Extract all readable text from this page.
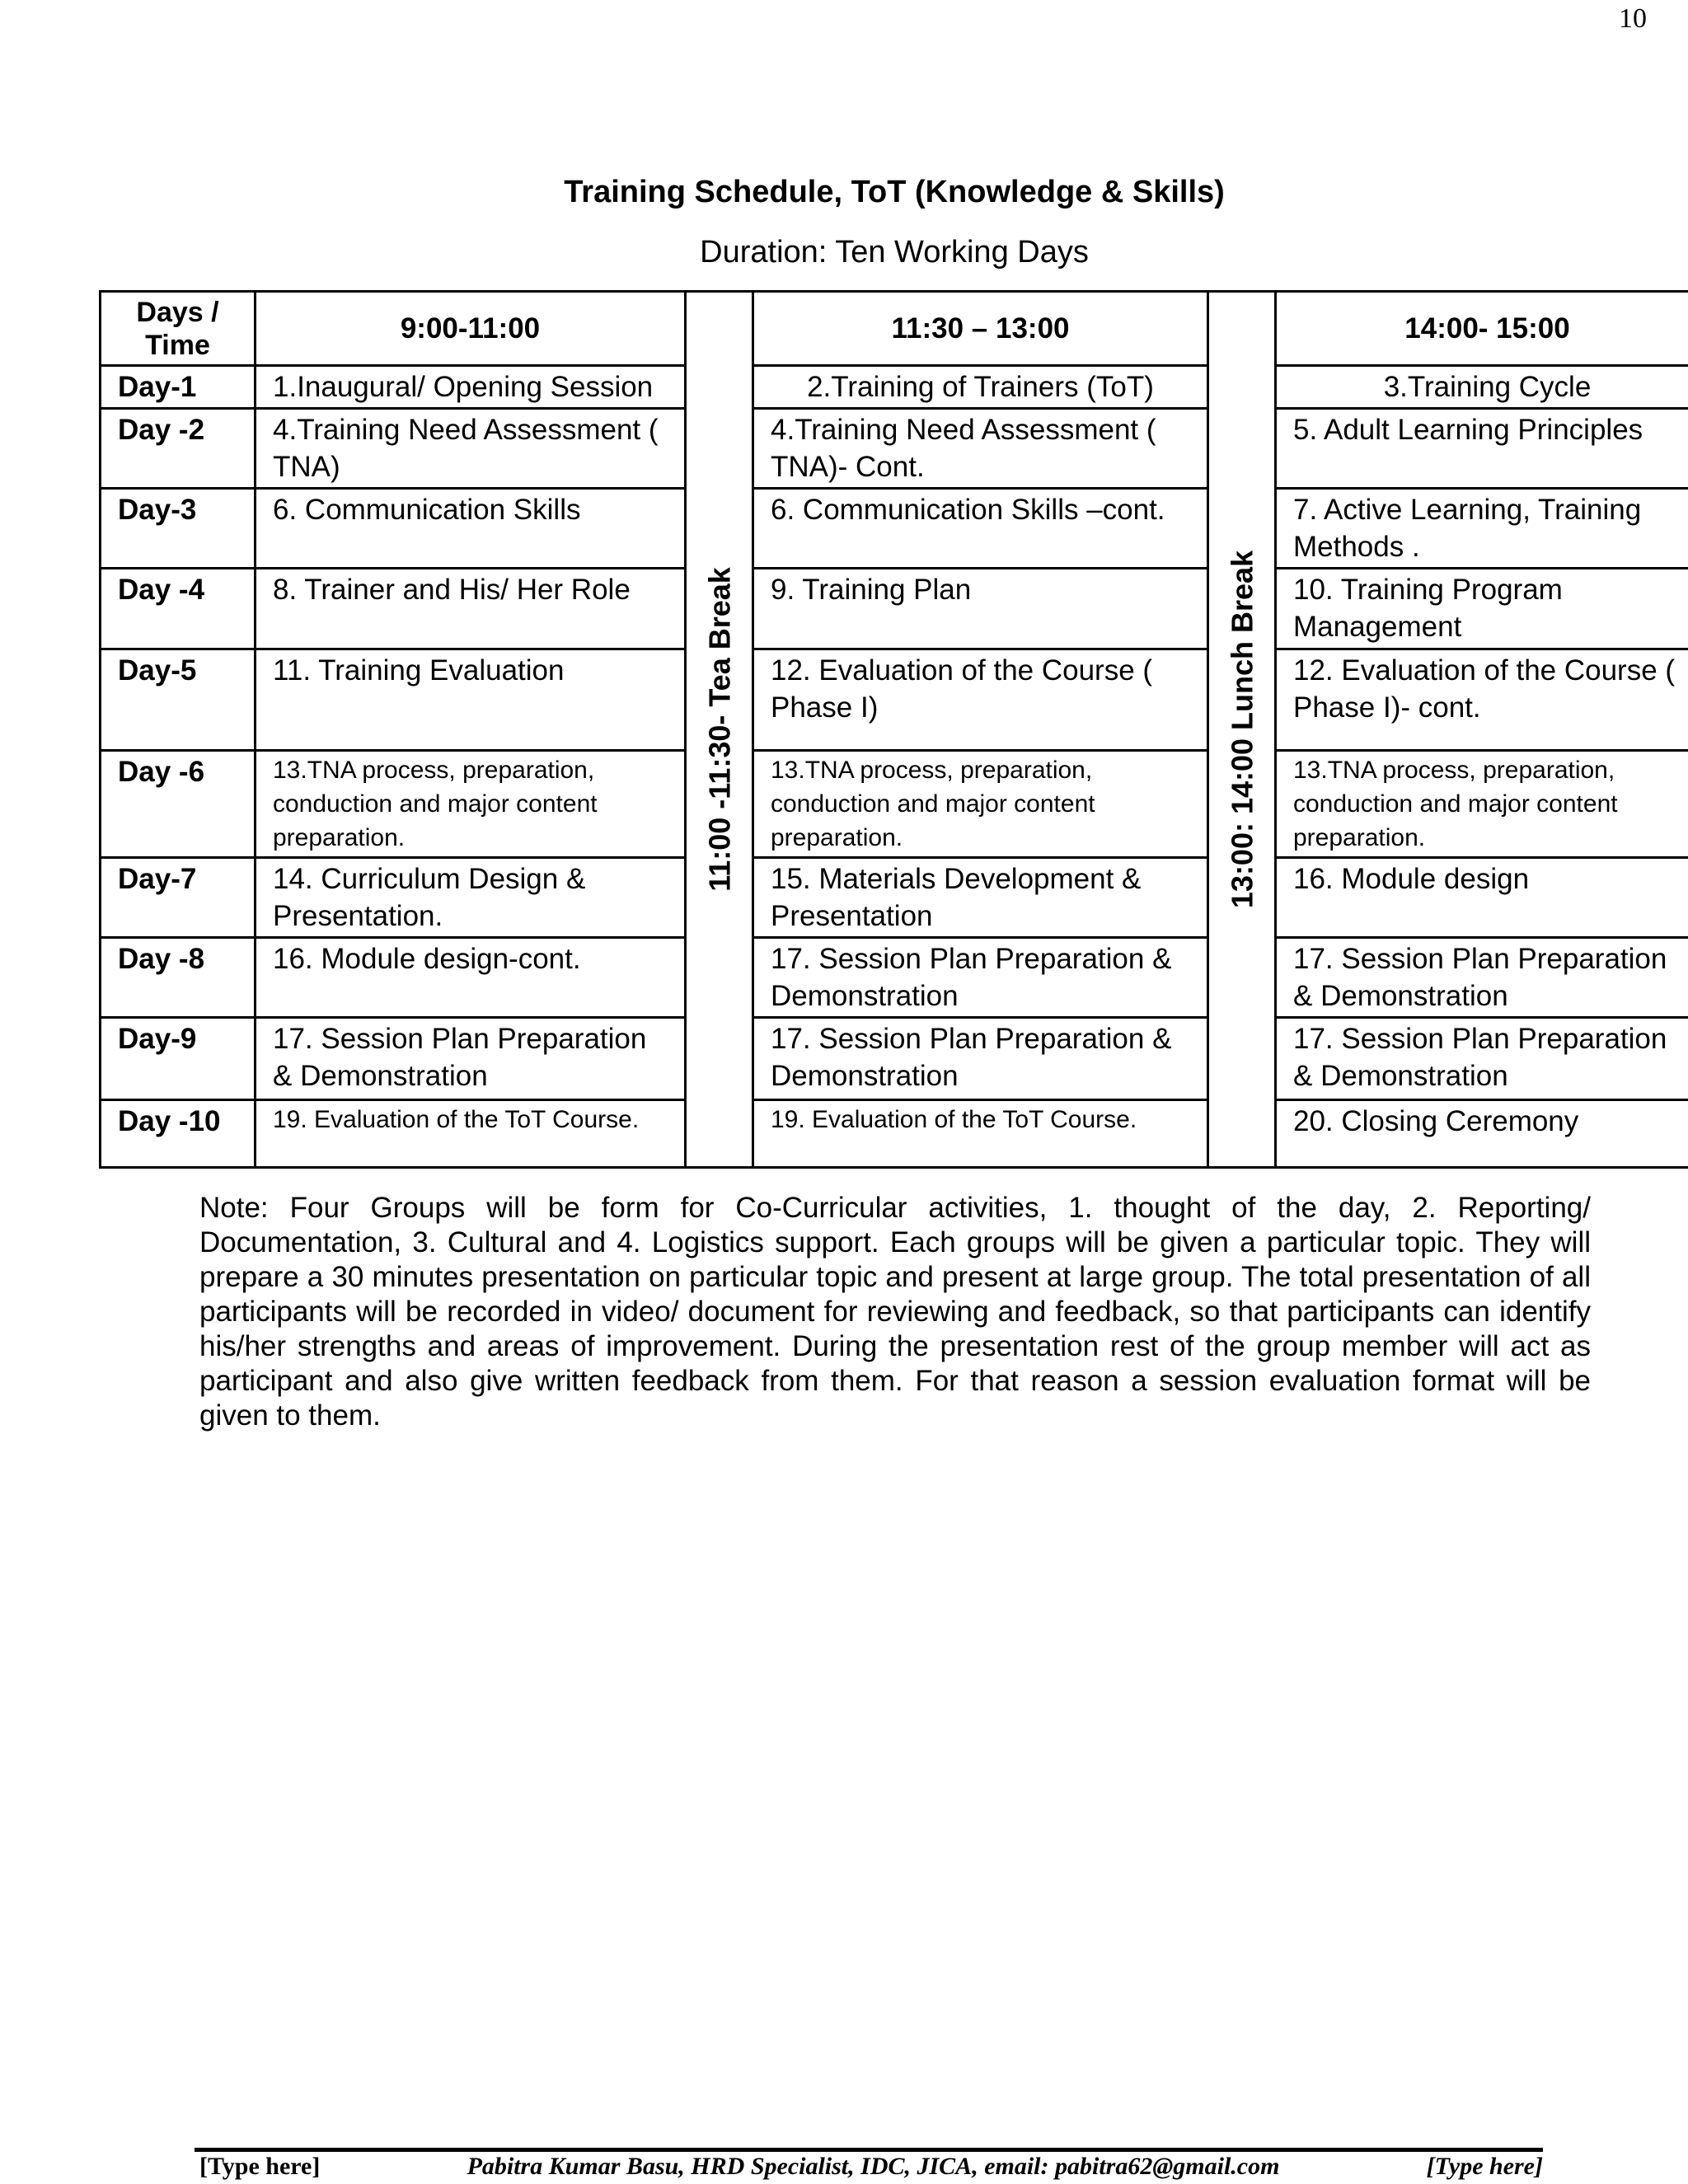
10
Training Schedule, ToT (Knowledge & Skills)
Duration: Ten Working Days
Days / Time	9:00-11:00	11:00 -11:30- Tea Break	11:30 – 13:00	13:00: 14:00 Lunch Break	14:00- 15:00
Day-1	1.Inaugural/ Opening Session		2.Training of Trainers (ToT)		3.Training Cycle
Day -2	4.Training Need Assessment ( TNA)		4.Training Need Assessment ( TNA)- Cont.		5. Adult Learning Principles
Day-3	6. Communication Skills		6. Communication Skills –cont.		7. Active Learning, Training Methods .
Day -4	8. Trainer and His/ Her Role		9. Training Plan		10. Training Program Management
Day-5	11. Training Evaluation		12. Evaluation of the Course ( Phase I)		12. Evaluation of the Course ( Phase I)- cont.
Day -6	13.TNA process, preparation, conduction and major content preparation.		13.TNA process, preparation, conduction and major content preparation.		13.TNA process, preparation, conduction and major content preparation.
Day-7	14. Curriculum Design & Presentation.		15. Materials Development & Presentation		16. Module design
Day -8	16. Module design-cont.		17. Session Plan Preparation & Demonstration		17. Session Plan Preparation & Demonstration
Day-9	17. Session Plan Preparation & Demonstration		17. Session Plan Preparation & Demonstration		17. Session Plan Preparation & Demonstration
Day -10	19. Evaluation of the ToT Course.		19. Evaluation of the ToT Course.		20. Closing Ceremony
Note: Four Groups will be form for Co-Curricular activities, 1. thought of the day, 2. Reporting/ Documentation, 3. Cultural and 4. Logistics support. Each groups will be given a particular topic. They will prepare a 30 minutes presentation on particular topic and present at large group. The total presentation of all participants will be recorded in video/ document for reviewing and feedback, so that participants can identify his/her strengths and areas of improvement. During the presentation rest of the group member will act as participant and also give written feedback from them. For that reason a session evaluation format will be given to them.
[Type here]	Pabitra Kumar Basu, HRD Specialist, IDC, JICA, email: pabitra62@gmail.com	[Type here]
